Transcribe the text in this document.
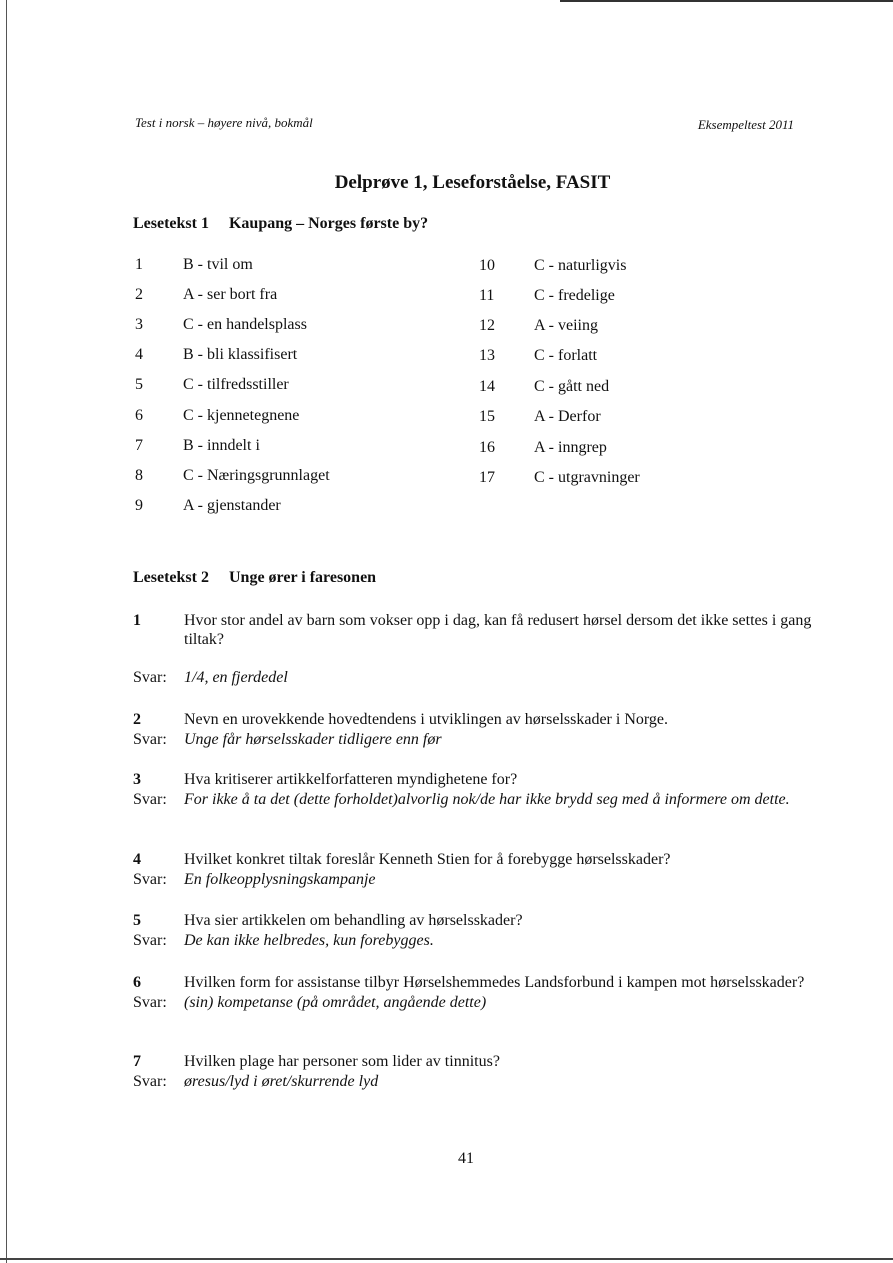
Test i norsk – høyere nivå, bokmål	Eksempeltest 2011
Delprøve 1, Leseforståelse, FASIT
Lesetekst 1 Kaupang – Norges første by?
1	B - tvil om
2	A - ser bort fra
3	C - en handelsplass
4	B - bli klassifisert
5	C - tilfredsstiller
6	C - kjennetegnene
7	B - inndelt i
8	C - Næringsgrunnlaget
9	A - gjenstander
10 C - naturligvis
11 C - fredelige
12 A - veiing
13 C - forlatt
14 C - gått ned
15 A - Derfor
16 A - inngrep
17 C - utgravninger
Lesetekst 2 Unge ører i faresonen
1	Hvor stor andel av barn som vokser opp i dag, kan få redusert hørsel dersom det ikke settes i gang tiltak?
Svar: 1/4, en fjerdedel
2	Nevn en urovekkende hovedtendens i utviklingen av hørselsskader i Norge.
Svar: Unge får hørselsskader tidligere enn før
3	Hva kritiserer artikkelforfatteren myndighetene for?
Svar: For ikke å ta det (dette forholdet)alvorlig nok/de har ikke brydd seg med å informere om dette.
4	Hvilket konkret tiltak foreslår Kenneth Stien for å forebygge hørselsskader?
Svar: En folkeopplysningskampanje
5	Hva sier artikkelen om behandling av hørselsskader?
Svar: De kan ikke helbredes, kun forebygges.
6	Hvilken form for assistanse tilbyr Hørselshemmedes Landsforbund i kampen mot hørselsskader?
Svar: (sin) kompetanse (på området, angående dette)
7	Hvilken plage har personer som lider av tinnitus?
Svar: øresus/lyd i øret/skurrende lyd
41
